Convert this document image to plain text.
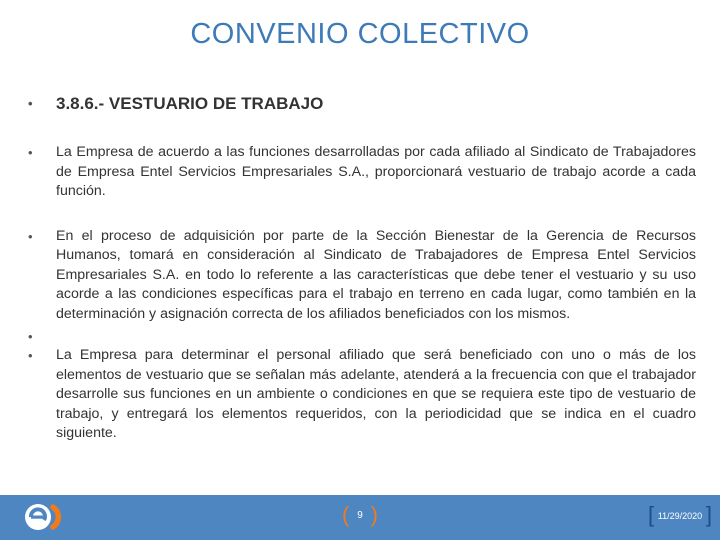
CONVENIO COLECTIVO
• 3.8.6.- VESTUARIO DE TRABAJO
• La Empresa de acuerdo a las funciones desarrolladas por cada afiliado al Sindicato de Trabajadores de Empresa Entel Servicios Empresariales S.A., proporcionará vestuario de trabajo acorde a cada función.
• En el proceso de adquisición por parte de la Sección Bienestar de la Gerencia de Recursos Humanos, tomará en consideración al Sindicato de Trabajadores de Empresa Entel Servicios Empresariales S.A. en todo lo referente a las características que debe tener el vestuario y su uso acorde a las condiciones específicas para el trabajo en terreno en cada lugar, como también en la determinación y asignación correcta de los afiliados beneficiados con los mismos.
•
• La Empresa para determinar el personal afiliado que será beneficiado con uno o más de los elementos de vestuario que se señalan más adelante, atenderá a la frecuencia con que el trabajador desarrolle sus funciones en un ambiente o condiciones en que se requiera este tipo de vestuario de trabajo, y entregará los elementos requeridos, con la periodicidad que se indica en el cuadro siguiente.
( 9 )	[ 11/29/2020 ]
